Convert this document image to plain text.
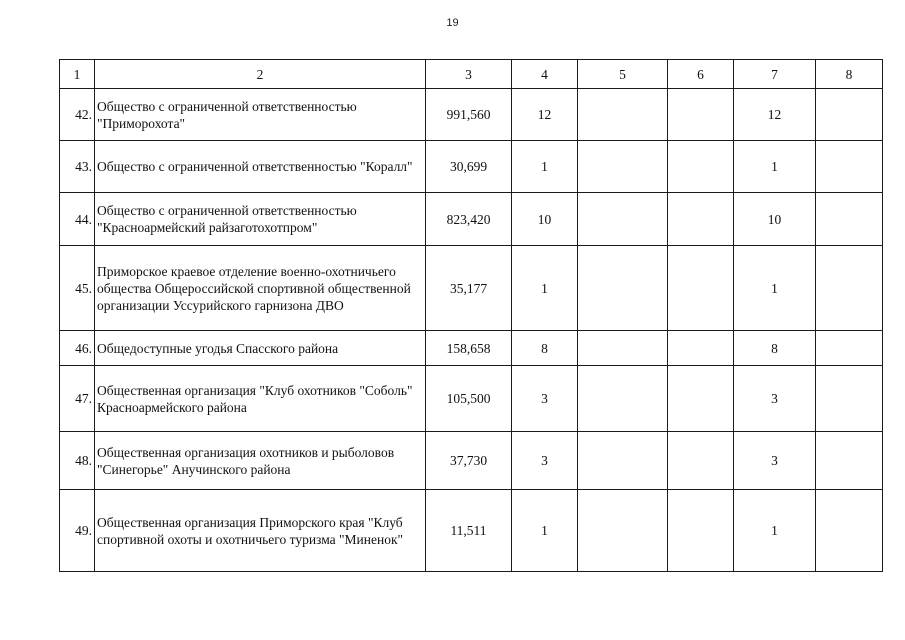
19
1	2	3	4	5	6	7	8
42.	Общество с ограниченной ответственностью "Приморохота"	991,560	12			12	
43.	Общество с ограниченной ответственностью "Коралл"	30,699	1			1	
44.	Общество с ограниченной ответственностью "Красноармейский райзаготохотпром"	823,420	10			10	
45.	Приморское краевое отделение военно-охотничьего общества Общероссийской спортивной общественной организации Уссурийского гарнизона ДВО	35,177	1			1	
46.	Общедоступные угодья Спасского района	158,658	8			8	
47.	Общественная организация "Клуб охотников "Соболь" Красноармейского района	105,500	3			3	
48.	Общественная организация охотников и рыболовов "Синегорье" Анучинского района	37,730	3			3	
49.	Общественная организация Приморского края "Клуб спортивной охоты и охотничьего туризма "Миненок"	11,511	1			1	
